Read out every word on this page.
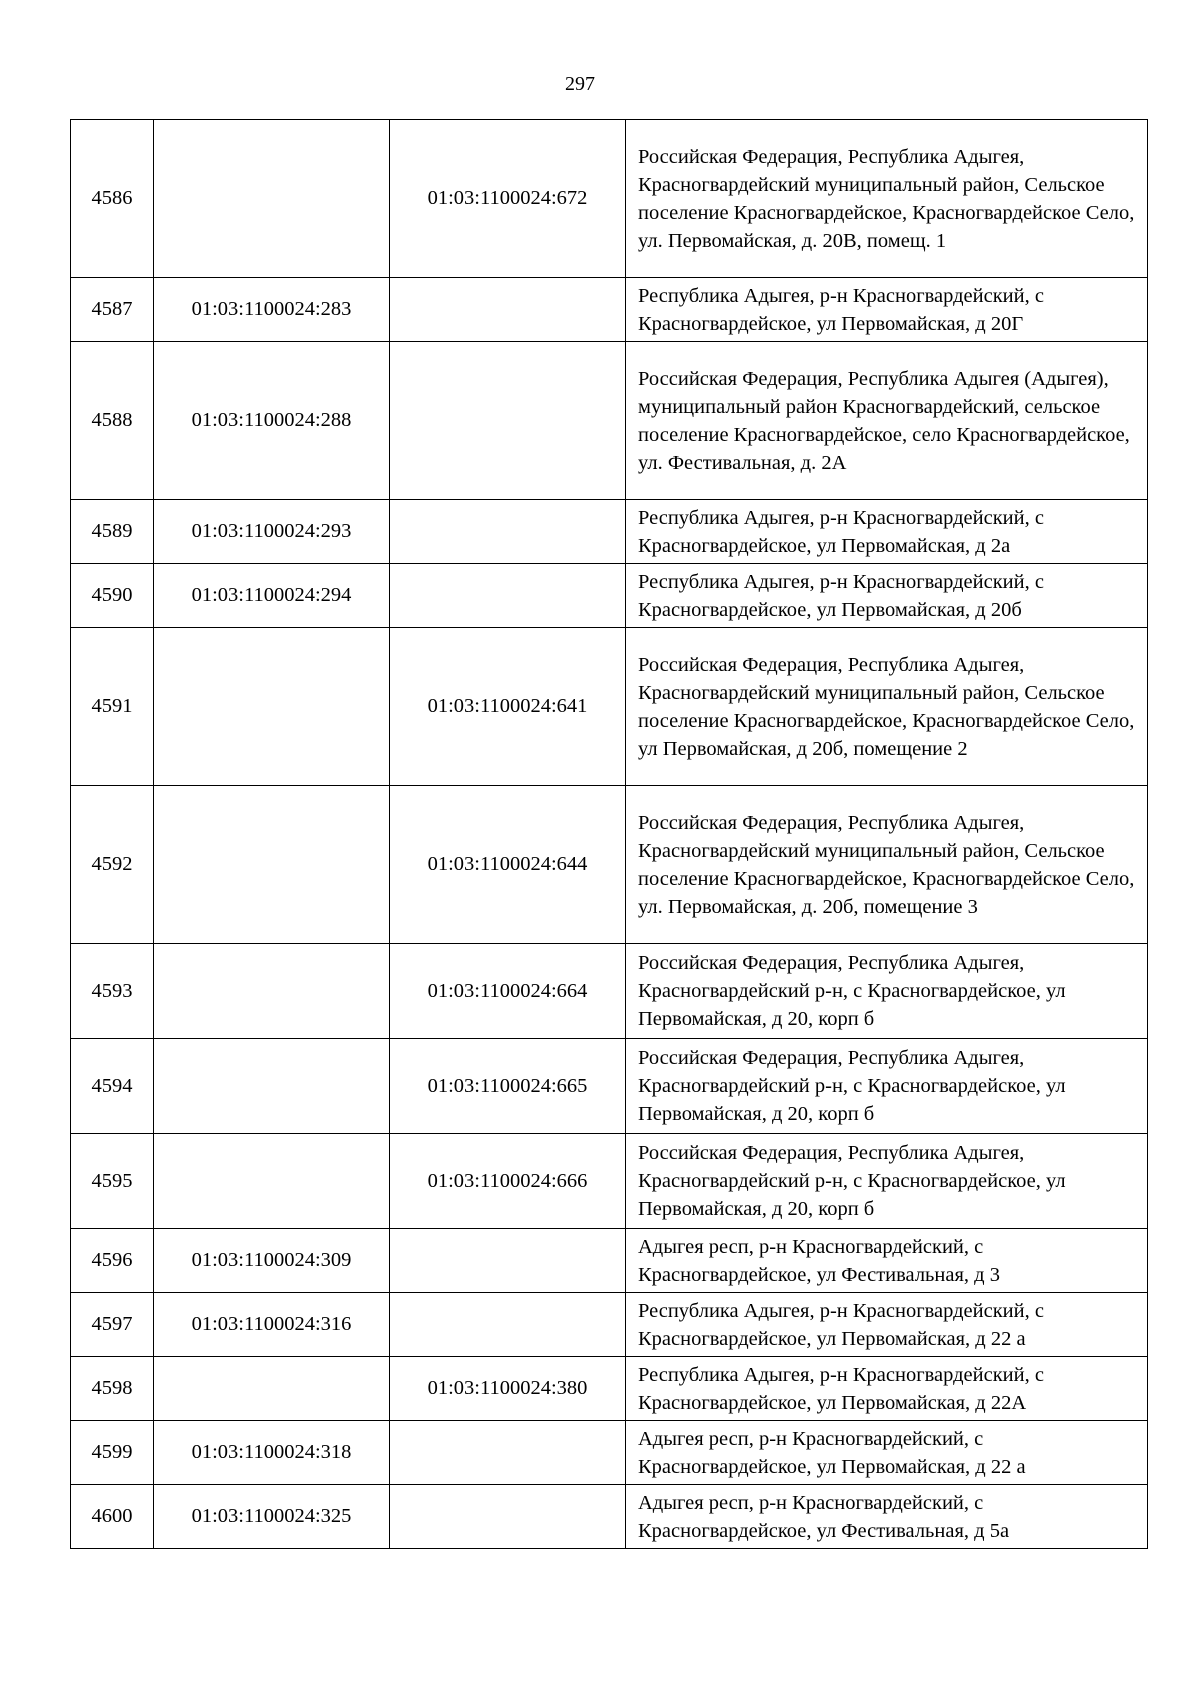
297
4586		01:03:1100024:672	Российская Федерация, Республика Адыгея, Красногвардейский муниципальный район, Сельское поселение Красногвардейское, Красногвардейское Село, ул. Первомайская, д. 20В, помещ. 1
4587	01:03:1100024:283		Республика Адыгея, р-н Красногвардейский, с Красногвардейское, ул Первомайская, д 20Г
4588	01:03:1100024:288		Российская Федерация, Республика Адыгея (Адыгея), муниципальный район Красногвардейский, сельское поселение Красногвардейское, село Красногвардейское, ул. Фестивальная, д. 2А
4589	01:03:1100024:293		Республика Адыгея, р-н Красногвардейский, с Красногвардейское, ул Первомайская, д 2а
4590	01:03:1100024:294		Республика Адыгея, р-н Красногвардейский, с Красногвардейское, ул Первомайская, д 20б
4591		01:03:1100024:641	Российская Федерация, Республика Адыгея, Красногвардейский муниципальный район, Сельское поселение Красногвардейское, Красногвардейское Село, ул Первомайская, д 20б, помещение 2
4592		01:03:1100024:644	Российская Федерация, Республика Адыгея, Красногвардейский муниципальный район, Сельское поселение Красногвардейское, Красногвардейское Село, ул. Первомайская, д. 20б, помещение 3
4593		01:03:1100024:664	Российская Федерация, Республика Адыгея, Красногвардейский р-н, с Красногвардейское, ул Первомайская, д 20, корп б
4594		01:03:1100024:665	Российская Федерация, Республика Адыгея, Красногвардейский р-н, с Красногвардейское, ул Первомайская, д 20, корп б
4595		01:03:1100024:666	Российская Федерация, Республика Адыгея, Красногвардейский р-н, с Красногвардейское, ул Первомайская, д 20, корп б
4596	01:03:1100024:309		Адыгея респ, р-н Красногвардейский, с Красногвардейское, ул Фестивальная, д 3
4597	01:03:1100024:316		Республика Адыгея, р-н Красногвардейский, с Красногвардейское, ул Первомайская, д 22 а
4598		01:03:1100024:380	Республика Адыгея, р-н Красногвардейский, с Красногвардейское, ул Первомайская, д 22А
4599	01:03:1100024:318		Адыгея респ, р-н Красногвардейский, с Красногвардейское, ул Первомайская, д 22 а
4600	01:03:1100024:325		Адыгея респ, р-н Красногвардейский, с Красногвардейское, ул Фестивальная, д 5а
